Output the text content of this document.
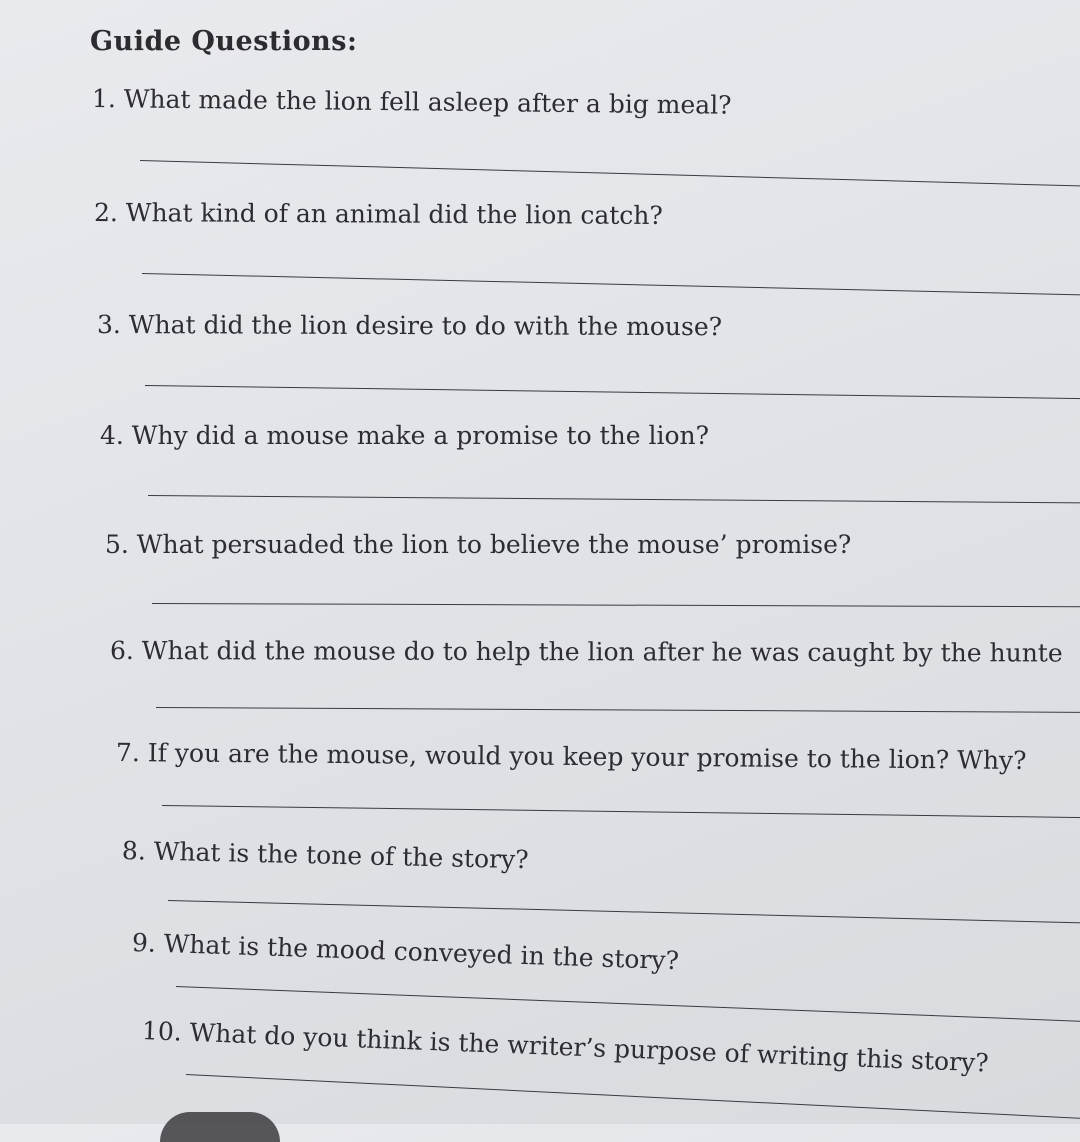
Guide Questions:
1. What made the lion fell asleep after a big meal?
2. What kind of an animal did the lion catch?
3. What did the lion desire to do with the mouse?
4. Why did a mouse make a promise to the lion?
5. What persuaded the lion to believe the mouse’ promise?
6. What did the mouse do to help the lion after he was caught by the hunte
7. If you are the mouse, would you keep your promise to the lion? Why?
8. What is the tone of the story?
9. What is the mood conveyed in the story?
10. What do you think is the writer’s purpose of writing this story?
